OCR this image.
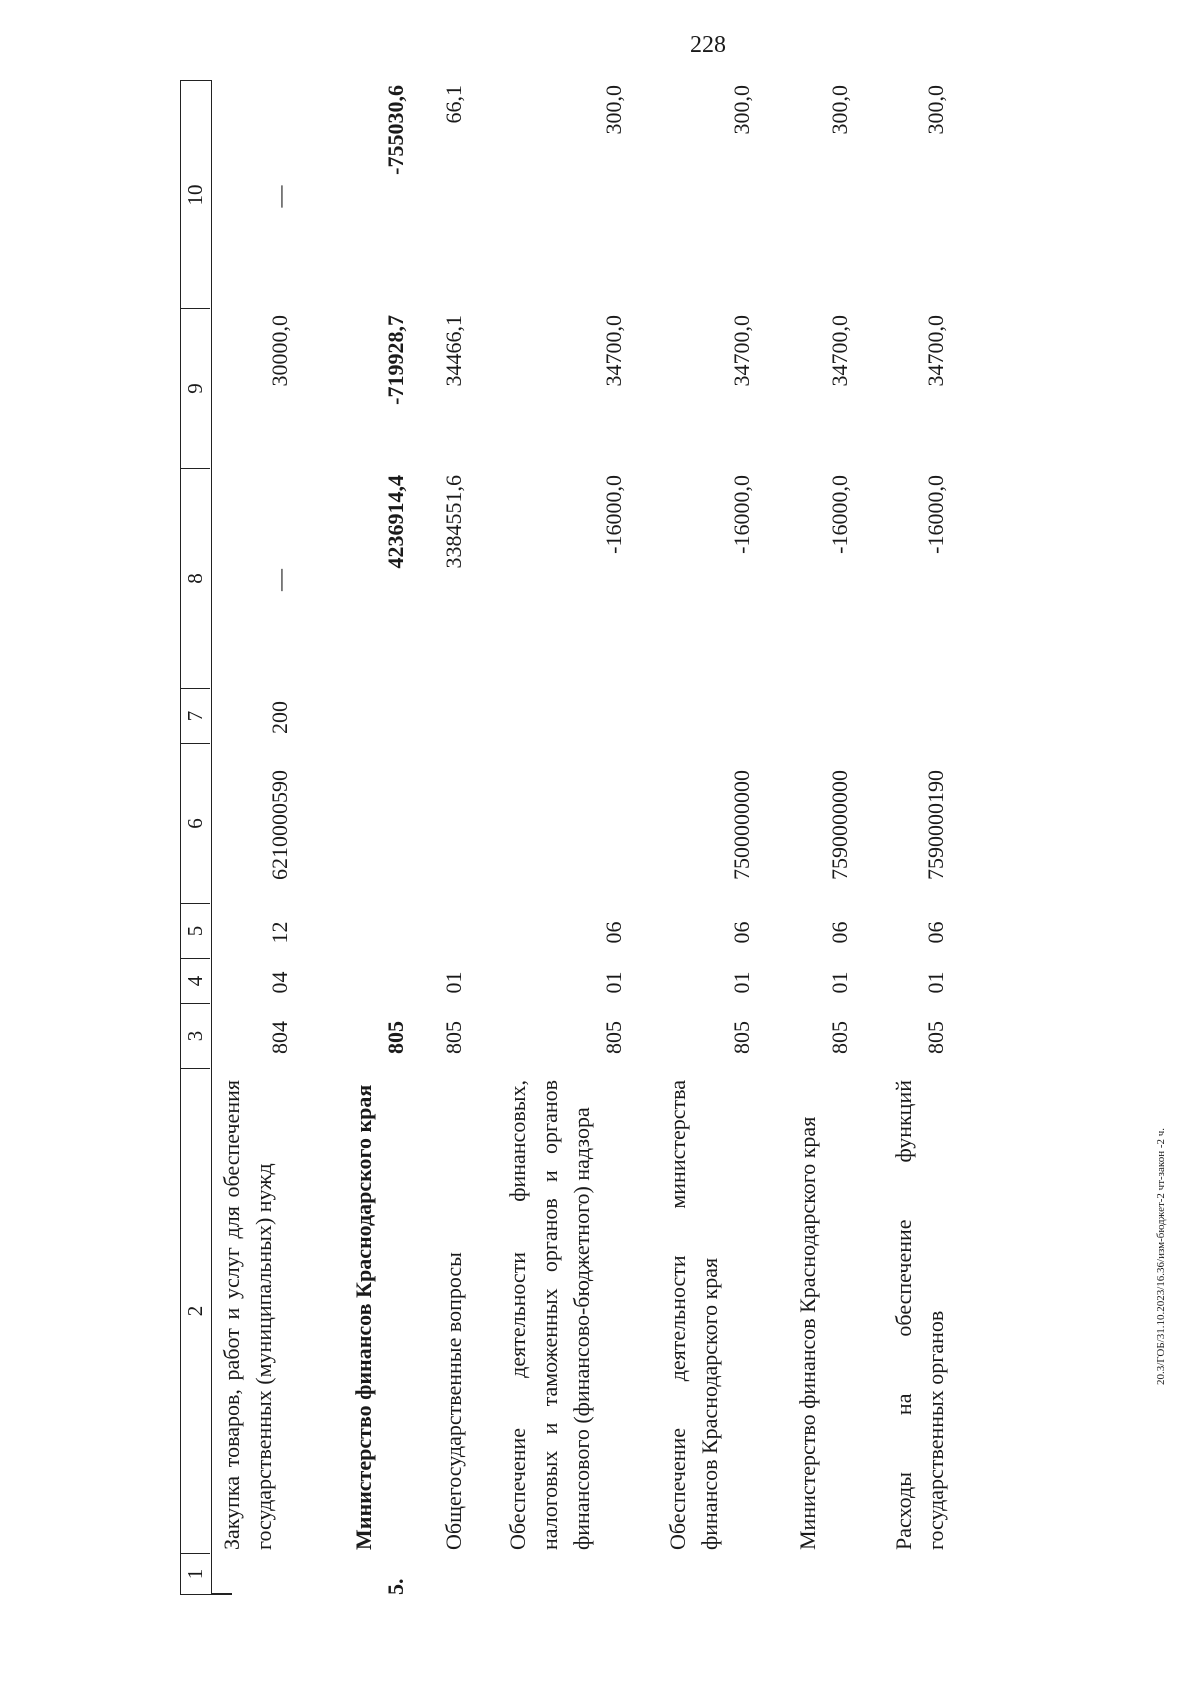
228
1
2
3
4
5
6
7
8
9
10
Закупка товаров, работ и услуг для обеспечения государственных (муниципальных) нужд
804
04
12
6210000590
200
—
30000,0
—
5.
Министерство финансов Краснодарского края
805
4236914,4
-719928,7
-755030,6
Общегосударственные вопросы
805
01
3384551,6
34466,1
66,1
Обеспечение деятельности финансовых, налоговых и таможенных органов и органов финансового (финансово-бюджетного) надзора
805
01
06
-16000,0
34700,0
300,0
Обеспечение деятельности министерства финансов Краснодарского края
805
01
06
7500000000
-16000,0
34700,0
300,0
Министерство финансов Краснодарского края
805
01
06
7590000000
-16000,0
34700,0
300,0
Расходы на обеспечение функций государственных органов
805
01
06
7590000190
-16000,0
34700,0
300,0
20.3/ГОБ/31.10.2023/16.36/изм-бюджет-2 чт-закон -2 ч.
